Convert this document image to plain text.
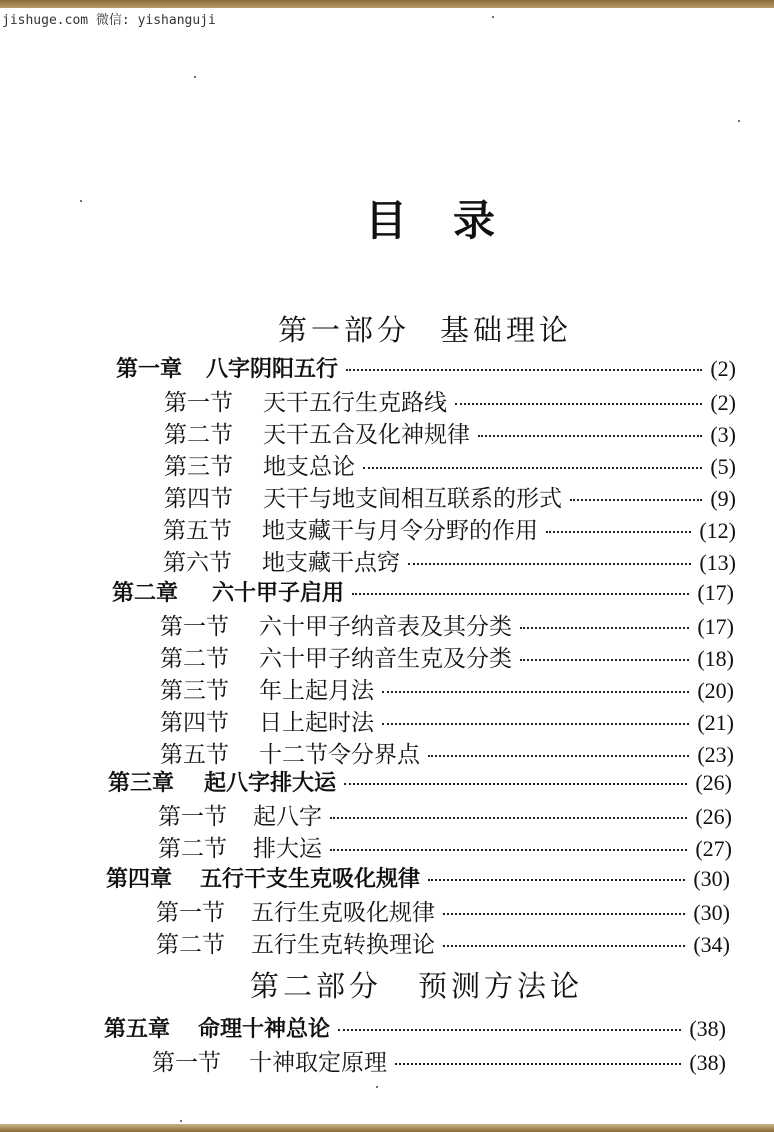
jishuge.com 微信: yishanguji
目录
第一部分 基础理论
第一章 八字阴阳五行	(2)
第一节 天干五行生克路线	(2)
第二节 天干五合及化神规律	(3)
第三节 地支总论	(5)
第四节 天干与地支间相互联系的形式	(9)
第五节 地支藏干与月令分野的作用	(12)
第六节 地支藏干点窍	(13)
第二章 六十甲子启用	(17)
第一节 六十甲子纳音表及其分类	(17)
第二节 六十甲子纳音生克及分类	(18)
第三节 年上起月法	(20)
第四节 日上起时法	(21)
第五节 十二节令分界点	(23)
第三章 起八字排大运	(26)
第一节 起八字	(26)
第二节 排大运	(27)
第四章 五行干支生克吸化规律	(30)
第一节 五行生克吸化规律	(30)
第二节 五行生克转换理论	(34)
第二部分 预测方法论
第五章 命理十神总论	(38)
第一节 十神取定原理	(38)
